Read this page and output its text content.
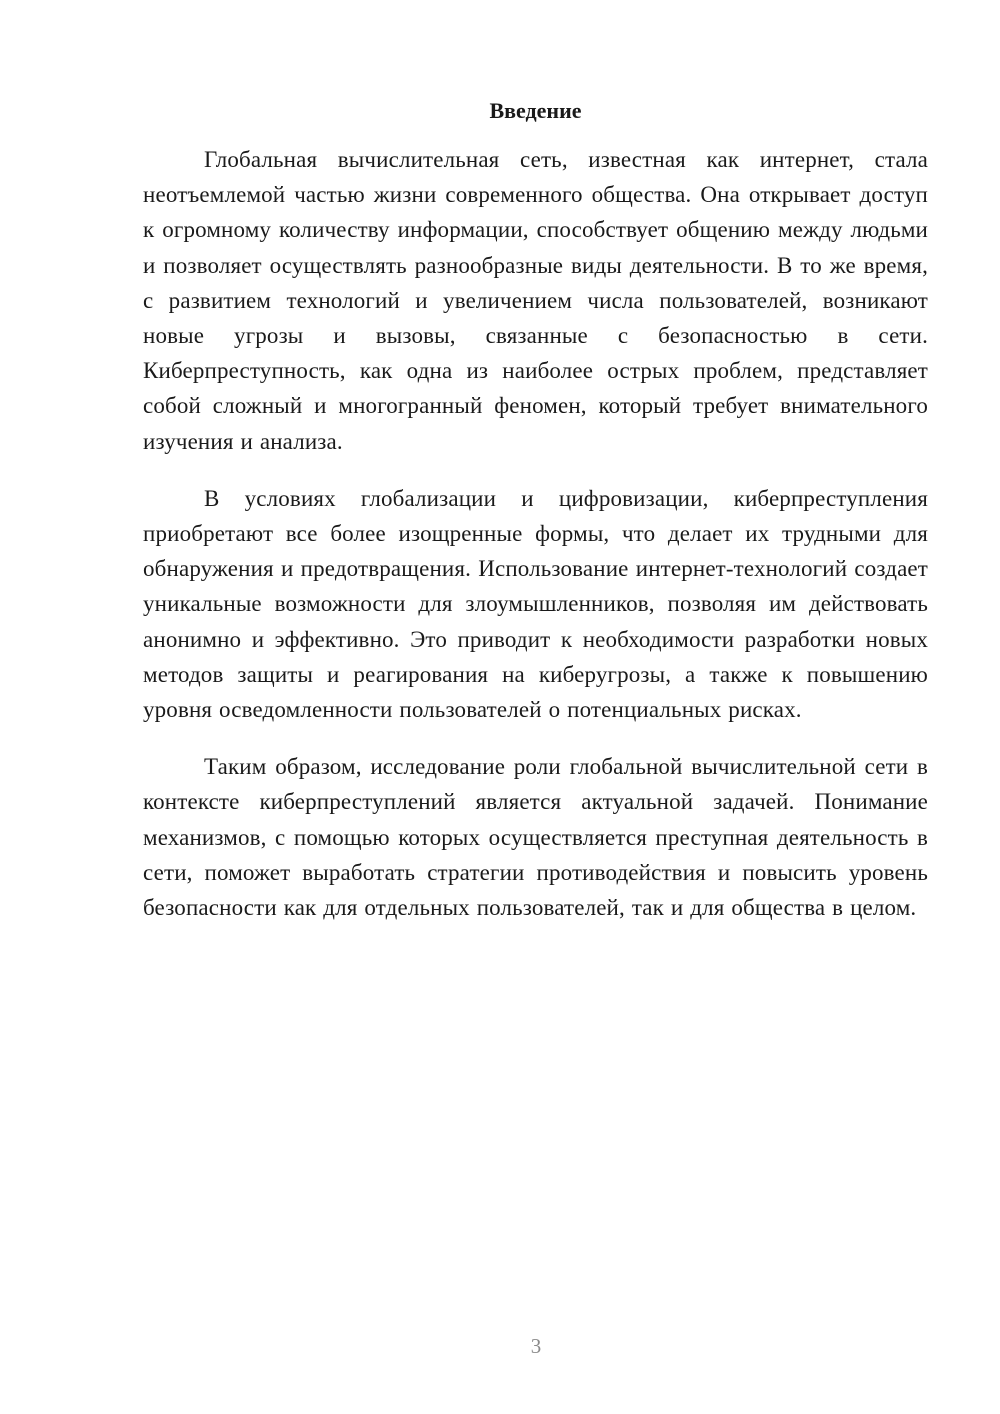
Введение

Глобальная вычислительная сеть, известная как интернет, стала неотъемлемой частью жизни современного общества. Она открывает доступ к огромному количеству информации, способствует общению между людьми и позволяет осуществлять разнообразные виды деятельности. В то же время, с развитием технологий и увеличением числа пользователей, возникают новые угрозы и вызовы, связанные с безопасностью в сети. Киберпреступность, как одна из наиболее острых проблем, представляет собой сложный и многогранный феномен, который требует внимательного изучения и анализа.

В условиях глобализации и цифровизации, киберпреступления приобретают все более изощренные формы, что делает их трудными для обнаружения и предотвращения. Использование интернет-технологий создает уникальные возможности для злоумышленников, позволяя им действовать анонимно и эффективно. Это приводит к необходимости разработки новых методов защиты и реагирования на киберугрозы, а также к повышению уровня осведомленности пользователей о потенциальных рисках.

Таким образом, исследование роли глобальной вычислительной сети в контексте киберпреступлений является актуальной задачей. Понимание механизмов, с помощью которых осуществляется преступная деятельность в сети, поможет выработать стратегии противодействия и повысить уровень безопасности как для отдельных пользователей, так и для общества в целом.

3
